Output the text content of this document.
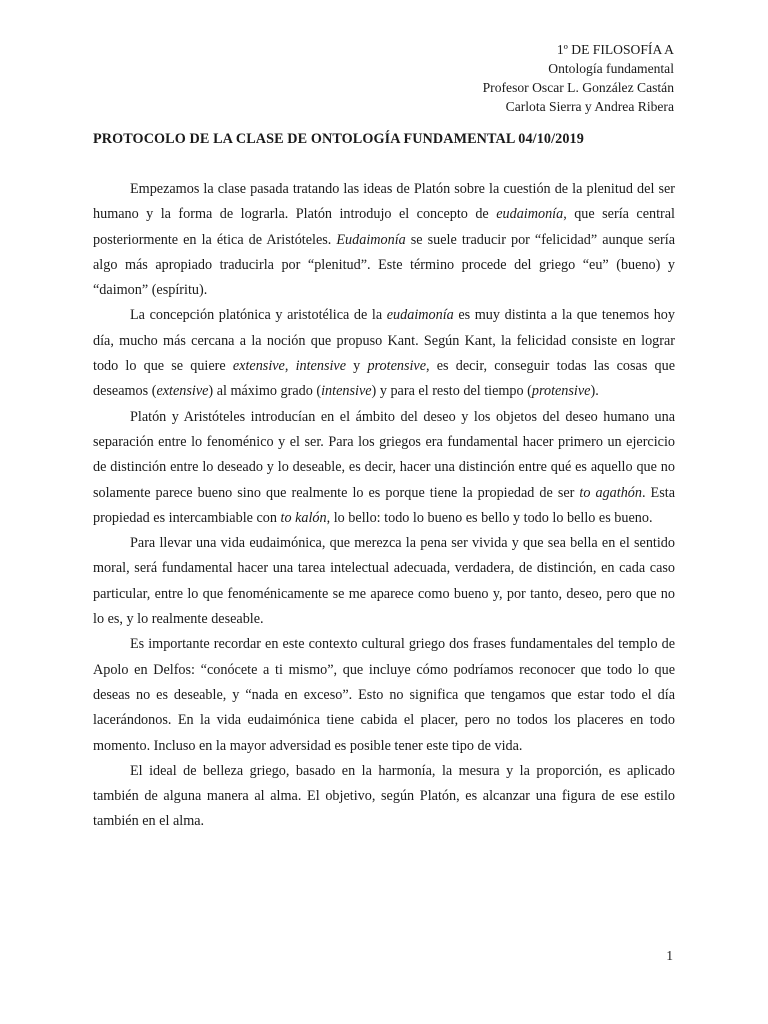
1º DE FILOSOFÍA A
Ontología fundamental
Profesor Oscar L. González Castán
Carlota Sierra y Andrea Ribera
PROTOCOLO DE LA CLASE DE ONTOLOGÍA FUNDAMENTAL 04/10/2019

Empezamos la clase pasada tratando las ideas de Platón sobre la cuestión de la plenitud del ser humano y la forma de lograrla. Platón introdujo el concepto de eudaimonía, que sería central posteriormente en la ética de Aristóteles. Eudaimonía se suele traducir por “felicidad” aunque sería algo más apropiado traducirla por “plenitud”. Este término procede del griego “eu” (bueno) y “daimon” (espíritu).

La concepción platónica y aristotélica de la eudaimonía es muy distinta a la que tenemos hoy día, mucho más cercana a la noción que propuso Kant. Según Kant, la felicidad consiste en lograr todo lo que se quiere extensive, intensive y protensive, es decir, conseguir todas las cosas que deseamos (extensive) al máximo grado (intensive) y para el resto del tiempo (protensive).

Platón y Aristóteles introducían en el ámbito del deseo y los objetos del deseo humano una separación entre lo fenoménico y el ser. Para los griegos era fundamental hacer primero un ejercicio de distinción entre lo deseado y lo deseable, es decir, hacer una distinción entre qué es aquello que no solamente parece bueno sino que realmente lo es porque tiene la propiedad de ser to agathón. Esta propiedad es intercambiable con to kalón, lo bello: todo lo bueno es bello y todo lo bello es bueno.

Para llevar una vida eudaimónica, que merezca la pena ser vivida y que sea bella en el sentido moral, será fundamental hacer una tarea intelectual adecuada, verdadera, de distinción, en cada caso particular, entre lo que fenoménicamente se me aparece como bueno y, por tanto, deseo, pero que no lo es, y lo realmente deseable.

Es importante recordar en este contexto cultural griego dos frases fundamentales del templo de Apolo en Delfos: “conócete a ti mismo”, que incluye cómo podríamos reconocer que todo lo que deseas no es deseable, y “nada en exceso”. Esto no significa que tengamos que estar todo el día lacerándonos. En la vida eudaimónica tiene cabida el placer, pero no todos los placeres en todo momento. Incluso en la mayor adversidad es posible tener este tipo de vida.

El ideal de belleza griego, basado en la harmonía, la mesura y la proporción, es aplicado también de alguna manera al alma. El objetivo, según Platón, es alcanzar una figura de ese estilo también en el alma.

1
